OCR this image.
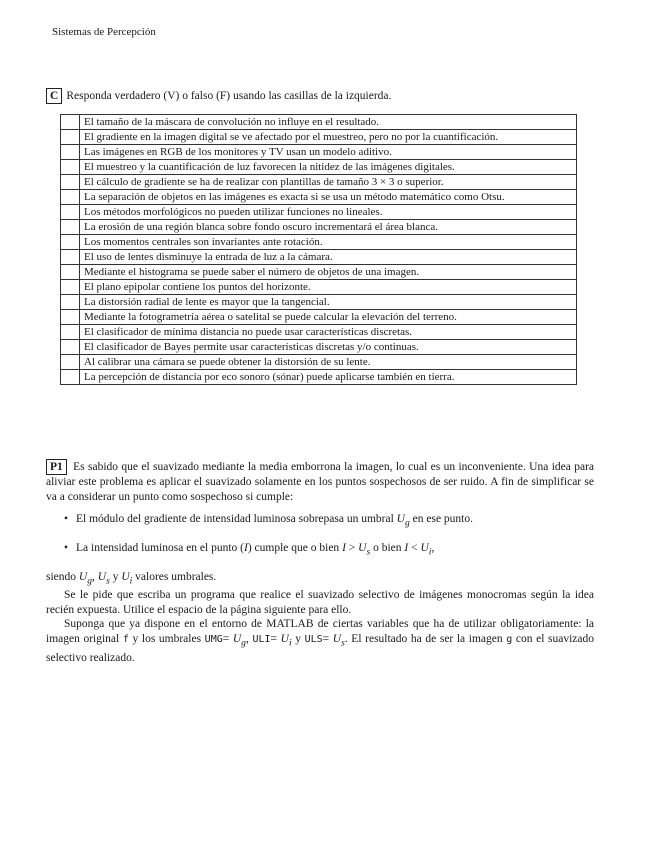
Sistemas de Percepción
C Responda verdadero (V) o falso (F) usando las casillas de la izquierda.
	El tamaño de la máscara de convolución no influye en el resultado.
	El gradiente en la imagen digital se ve afectado por el muestreo, pero no por la cuantificación.
	Las imágenes en RGB de los monitores y TV usan un modelo aditivo.
	El muestreo y la cuantificación de luz favorecen la nitidez de las imágenes digitales.
	El cálculo de gradiente se ha de realizar con plantillas de tamaño 3 × 3 o superior.
	La separación de objetos en las imágenes es exacta si se usa un método matemático como Otsu.
	Los métodos morfológicos no pueden utilizar funciones no lineales.
	La erosión de una región blanca sobre fondo oscuro incrementará el área blanca.
	Los momentos centrales son invariantes ante rotación.
	El uso de lentes disminuye la entrada de luz a la cámara.
	Mediante el histograma se puede saber el número de objetos de una imagen.
	El plano epipolar contiene los puntos del horizonte.
	La distorsión radial de lente es mayor que la tangencial.
	Mediante la fotogrametría aérea o satelital se puede calcular la elevación del terreno.
	El clasificador de mínima distancia no puede usar características discretas.
	El clasificador de Bayes permite usar características discretas y/o continuas.
	Al calibrar una cámara se puede obtener la distorsión de su lente.
	La percepción de distancia por eco sonoro (sónar) puede aplicarse también en tierra.

P1 Es sabido que el suavizado mediante la media emborrona la imagen, lo cual es un inconveniente. Una idea para aliviar este problema es aplicar el suavizado solamente en los puntos sospechosos de ser ruido. A fin de simplificar se va a considerar un punto como sospechoso si cumple:

• El módulo del gradiente de intensidad luminosa sobrepasa un umbral $U_g$ en ese punto.
• La intensidad luminosa en el punto (I) cumple que o bien $I > U_s$ o bien $I < U_i$,

siendo $U_g$, $U_s$ y $U_i$ valores umbrales.

Se le pide que escriba un programa que realice el suavizado selectivo de imágenes monocromas según la idea recién expuesta. Utilice el espacio de la página siguiente para ello.

Suponga que ya dispone en el entorno de MATLAB de ciertas variables que ha de utilizar obligatoriamente: la imagen original f y los umbrales $UMG= U_g$, $ULI= U_i$ y $ULS= U_s$. El resultado ha de ser la imagen g con el suavizado selectivo realizado.
